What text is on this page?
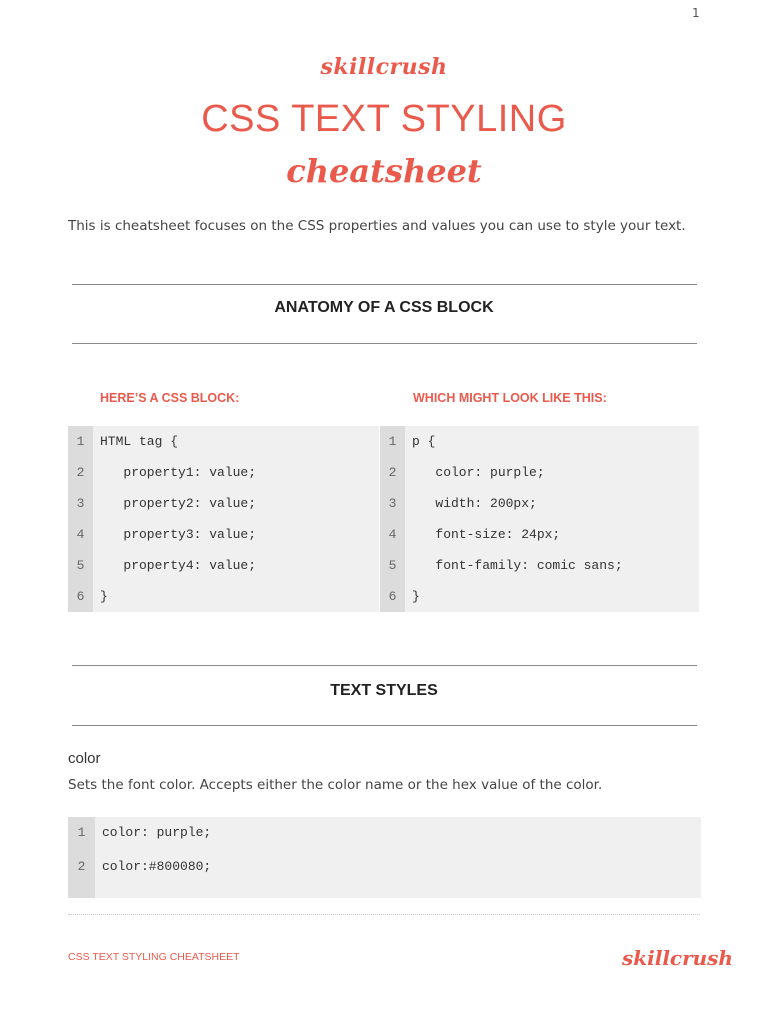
1
skillcrush
CSS TEXT STYLING
cheatsheet
This is cheatsheet focuses on the CSS properties and values you can use to style your text.
ANATOMY OF A CSS BLOCK
HERE’S A CSS BLOCK:	WHICH MIGHT LOOK LIKE THIS:
1	HTML tag {
2	property1: value;
3	property2: value;
4	property3: value;
5	property4: value;
6	}
1	p {
2	color: purple;
3	width: 200px;
4	font-size: 24px;
5	font-family: comic sans;
6	}
TEXT STYLES
color
Sets the font color. Accepts either the color name or the hex value of the color.
1	color: purple;
2	color:#800080;
CSS TEXT STYLING CHEATSHEET	skillcrush
